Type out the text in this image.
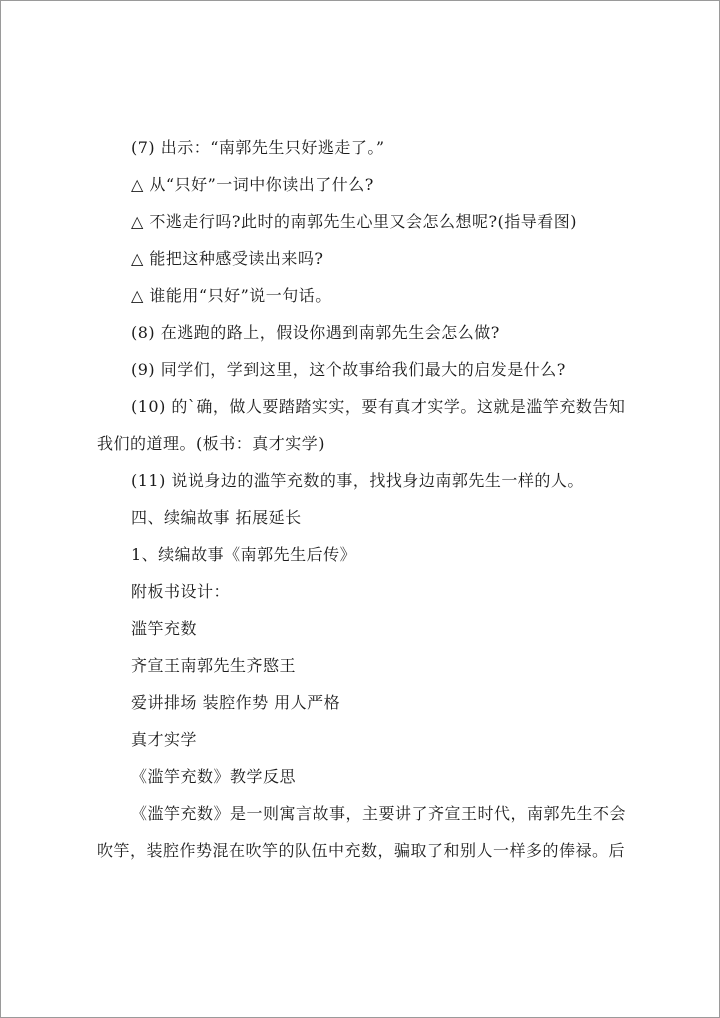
(7) 出示：“南郭先生只好逃走了。”
△ 从“只好”一词中你读出了什么?
△ 不逃走行吗?此时的南郭先生心里又会怎么想呢?(指导看图)
△ 能把这种感受读出来吗?
△ 谁能用“只好”说一句话。
(8) 在逃跑的路上，假设你遇到南郭先生会怎么做?
(9) 同学们，学到这里，这个故事给我们最大的启发是什么?
(10) 的`确，做人要踏踏实实，要有真才实学。这就是滥竽充数告知
我们的道理。(板书：真才实学)
(11) 说说身边的滥竽充数的事，找找身边南郭先生一样的人。
四、续编故事 拓展延长
1、续编故事《南郭先生后传》
附板书设计：
滥竽充数
齐宣王南郭先生齐愍王
爱讲排场 装腔作势 用人严格
真才实学
《滥竽充数》教学反思
《滥竽充数》是一则寓言故事，主要讲了齐宣王时代，南郭先生不会
吹竽，装腔作势混在吹竽的队伍中充数，骗取了和别人一样多的俸禄。后
